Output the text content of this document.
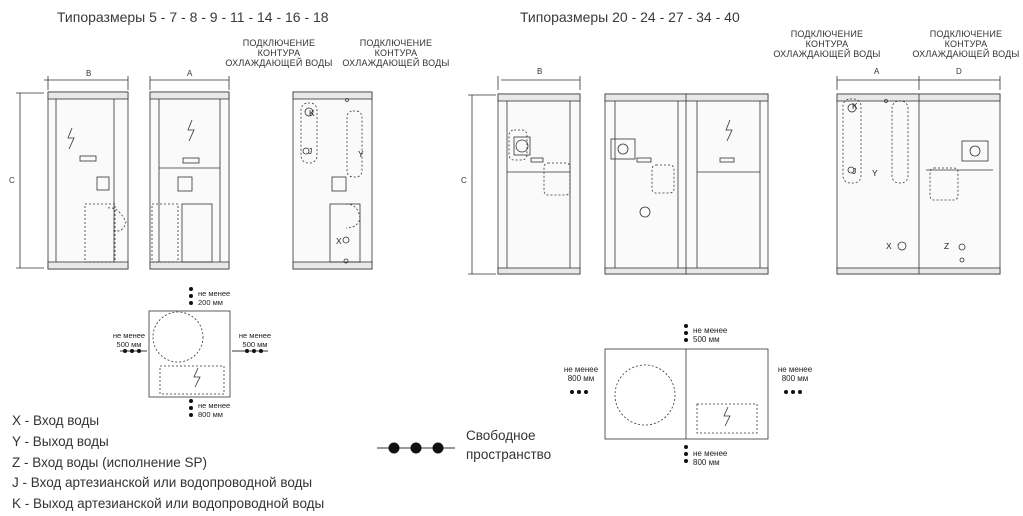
Типоразмеры 5 - 7 - 8 - 9 - 11 - 14 - 16 - 18	Типоразмеры 20 - 24 - 27 - 34 - 40
ПОДКЛЮЧЕНИЕ
КОНТУРА
ОХЛАЖДАЮЩЕЙ ВОДЫ
ПОДКЛЮЧЕНИЕ
КОНТУРА
ОХЛАЖДАЮЩЕЙ ВОДЫ
ПОДКЛЮЧЕНИЕ
КОНТУРА
ОХЛАЖДАЮЩЕЙ ВОДЫ
ПОДКЛЮЧЕНИЕ
КОНТУРА
ОХЛАЖДАЮЩЕЙ ВОДЫ
B	A
C
B
C
A	D
K
J	Y
X
K
J Y
X	Z
не менее
200 мм
не менее
800 мм
не менее
500 мм
не менее
500 мм
не менее
500 мм
не менее
800 мм
не менее
800 мм
не менее
800 мм
X - Вход воды
Y - Выход воды
Z - Вход воды (исполнение SP)
J - Вход артезианской или водопроводной воды
K - Выход артезианской или водопроводной воды
Свободное
пространство
